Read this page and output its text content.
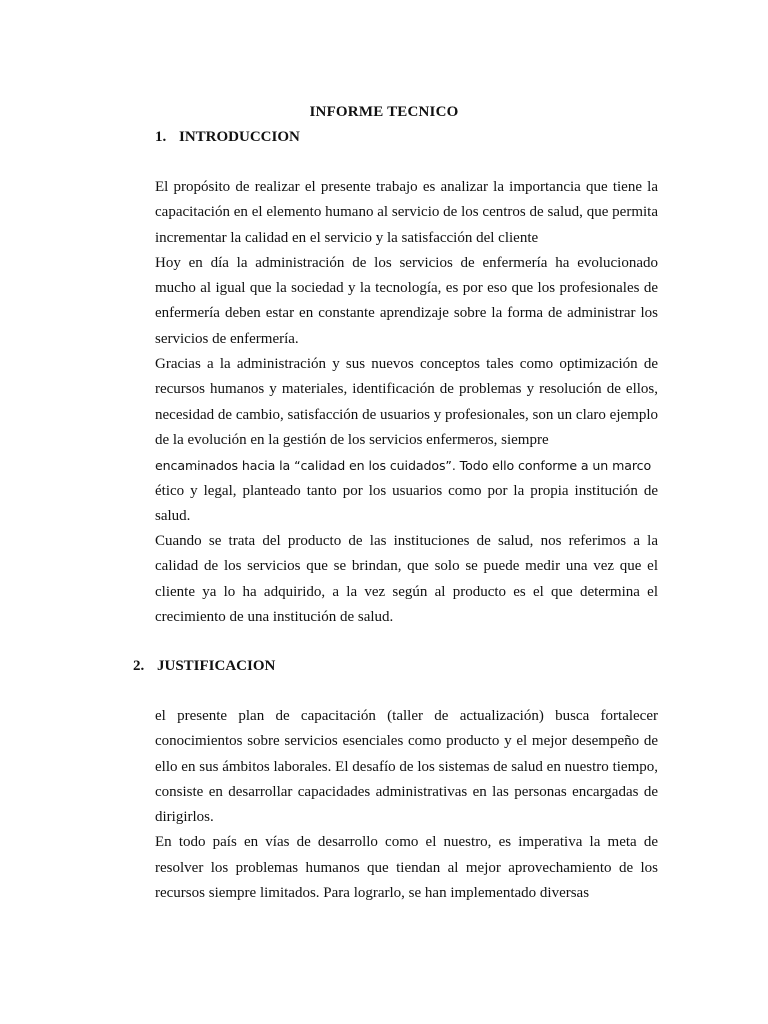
INFORME TECNICO
1. INTRODUCCION

El propósito de realizar el presente trabajo es analizar la importancia que tiene la capacitación en el elemento humano al servicio de los centros de salud, que permita incrementar la calidad en el servicio y la satisfacción del cliente

Hoy en día la administración de los servicios de enfermería ha evolucionado mucho al igual que la sociedad y la tecnología, es por eso que los profesionales de enfermería deben estar en constante aprendizaje sobre la forma de administrar los servicios de enfermería.

Gracias a la administración y sus nuevos conceptos tales como optimización de recursos humanos y materiales, identificación de problemas y resolución de ellos, necesidad de cambio, satisfacción de usuarios y profesionales, son un claro ejemplo de la evolución en la gestión de los servicios enfermeros, siempre

encaminados hacia la “calidad en los cuidados”. Todo ello conforme a un marco

ético y legal, planteado tanto por los usuarios como por la propia institución de salud.

Cuando se trata del producto de las instituciones de salud, nos referimos a la calidad de los servicios que se brindan, que solo se puede medir una vez que el cliente ya lo ha adquirido, a la vez según al producto es el que determina el crecimiento de una institución de salud.

2. JUSTIFICACION

el presente plan de capacitación (taller de actualización) busca fortalecer conocimientos sobre servicios esenciales como producto y el mejor desempeño de ello en sus ámbitos laborales. El desafío de los sistemas de salud en nuestro tiempo, consiste en desarrollar capacidades administrativas en las personas encargadas de dirigirlos.

En todo país en vías de desarrollo como el nuestro, es imperativa la meta de resolver los problemas humanos que tiendan al mejor aprovechamiento de los recursos siempre limitados. Para lograrlo, se han implementado diversas
